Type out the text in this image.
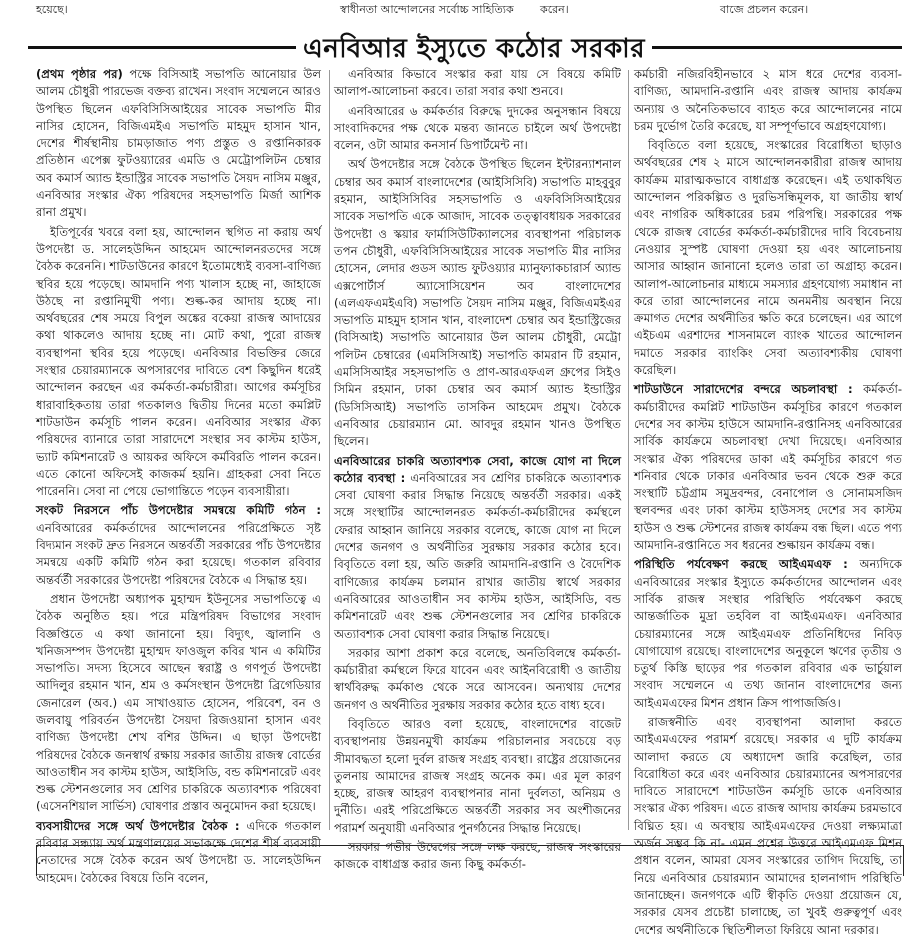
হয়েছে।	স্বাধীনতা আন্দোলনের সর্বোচ্চ সাহিত্যিক করেন।	বাজে প্রচলন করেন।
এনবিআর ইস্যুতে কঠোর সরকার

(প্রথম পৃষ্ঠার পর) পক্ষে বিসিআই সভাপতি আনোয়ার উল আলম চৌধুরী পারভেজ বক্তব্য রাখেন। সংবাদ সম্মেলনে আরও উপস্থিত ছিলেন এফবিসিসিআইয়ের সাবেক সভাপতি মীর নাসির হোসেন, বিজিএমইএ সভাপতি মাহমুদ হাসান খান, দেশের শীর্ষস্থানীয় চামড়াজাত পণ্য প্রস্তুত ও রপ্তানিকারক প্রতিষ্ঠান এপেক্স ফুটওয়্যারের এমডি ও মেট্রোপলিটন চেম্বার অব কমার্স অ্যান্ড ইন্ডাস্ট্রির সাবেক সভাপতি সৈয়দ নাসিম মঞ্জুর, এনবিআর সংস্কার ঐক্য পরিষদের সহসভাপতি মির্জা আশিক রানা প্রমুখ।

ইতিপূর্বের খবরে বলা হয়, আন্দোলন স্থগিত না করায় অর্থ উপদেষ্টা ড. সালেহউদ্দিন আহমেদ আন্দোলনরতদের সঙ্গে বৈঠক করেননি। শাটডাউনের কারণে ইতোমধ্যেই ব্যবসা-বাণিজ্য স্থবির হয়ে পড়েছে। আমদানি পণ্য খালাস হচ্ছে না, জাহাজে উঠছে না রপ্তানিমুখী পণ্য। শুল্ক-কর আদায় হচ্ছে না। অর্থবছরের শেষ সময়ে বিপুল অঙ্কের বকেয়া রাজস্ব আদায়ের কথা থাকলেও আদায় হচ্ছে না। মোট কথা, পুরো রাজস্ব ব্যবস্থাপনা স্থবির হয়ে পড়েছে। এনবিআর বিভক্তির জেরে সংস্থার চেয়ারম্যানকে অপসারণের দাবিতে বেশ কিছুদিন ধরেই আন্দোলন করছেন এর কর্মকর্তা-কর্মচারীরা। আগের কর্মসূচির ধারাবাহিকতায় তারা গতকালও দ্বিতীয় দিনের মতো কমপ্লিট শাটডাউন কর্মসূচি পালন করেন। এনবিআর সংস্কার ঐক্য পরিষদের ব্যানারে তারা সারাদেশে সংস্থার সব কাস্টম হাউস, ভ্যাট কমিশনারেট ও আয়কর অফিসে কর্মবিরতি পালন করেন। এতে কোনো অফিসেই কাজকর্ম হয়নি। গ্রাহকরা সেবা নিতে পারেননি। সেবা না পেয়ে ভোগান্তিতে পড়েন ব্যবসায়ীরা।

সংকট নিরসনে পাঁচ উপদেষ্টার সমন্বয়ে কমিটি গঠন : এনবিআরের কর্মকর্তাদের আন্দোলনের পরিপ্রেক্ষিতে সৃষ্ট বিদ্যমান সংকট দ্রুত নিরসনে অন্তর্বর্তী সরকারের পাঁচ উপদেষ্টার সমন্বয়ে একটি কমিটি গঠন করা হয়েছে। গতকাল রবিবার অন্তর্বর্তী সরকারের উপদেষ্টা পরিষদের বৈঠকে এ সিদ্ধান্ত হয়।

প্রধান উপদেষ্টা অধ্যাপক মুহাম্মদ ইউনূসের সভাপতিত্বে এ বৈঠক অনুষ্ঠিত হয়। পরে মন্ত্রিপরিষদ বিভাগের সংবাদ বিজ্ঞপ্তিতে এ কথা জানানো হয়। বিদ্যুৎ, জ্বালানি ও খনিজসম্পদ উপদেষ্টা মুহাম্মদ ফাওজুল কবির খান এ কমিটির সভাপতি। সদস্য হিসেবে আছেন স্বরাষ্ট্র ও গণপূর্ত উপদেষ্টা আদিলুর রহমান খান, শ্রম ও কর্মসংস্থান উপদেষ্টা ব্রিগেডিয়ার জেনারেল (অব.) এম সাখাওয়াত হোসেন, পরিবেশ, বন ও জলবায়ু পরিবর্তন উপদেষ্টা সৈয়দা রিজওয়ানা হাসান এবং বাণিজ্য উপদেষ্টা শেখ বশির উদ্দিন। এ ছাড়া উপদেষ্টা পরিষদের বৈঠকে জনস্বার্থ রক্ষায় সরকার জাতীয় রাজস্ব বোর্ডের আওতাধীন সব কাস্টম হাউস, আইসিডি, বন্ড কমিশনারেট এবং শুল্ক স্টেশনগুলোর সব শ্রেণির চাকরিকে অত্যাবশ্যক পরিষেবা (এসেনশিয়াল সার্ভিস) ঘোষণার প্রস্তাব অনুমোদন করা হয়েছে।

ব্যবসায়ীদের সঙ্গে অর্থ উপদেষ্টার বৈঠক : এদিকে গতকাল রবিবার সন্ধ্যায় অর্থ মন্ত্রণালয়ের সভাকক্ষে দেশের শীর্ষ ব্যবসায়ী নেতাদের সঙ্গে বৈঠক করেন অর্থ উপদেষ্টা ড. সালেহউদ্দিন আহমেদ। বৈঠকের বিষয়ে তিনি বলেন,

এনবিআর কিভাবে সংস্কার করা যায় সে বিষয়ে কমিটি আলাপ-আলোচনা করবে। তারা সবার কথা শুনবে।

এনবিআরের ৬ কর্মকর্তার বিরুদ্ধে দুদকের অনুসন্ধান বিষয়ে সাংবাদিকদের পক্ষ থেকে মন্তব্য জানতে চাইলে অর্থ উপদেষ্টা বলেন, ওটা আমার কনসার্ন ডিপার্টমেন্ট না।

অর্থ উপদেষ্টার সঙ্গে বৈঠকে উপস্থিত ছিলেন ইন্টারন্যাশনাল চেম্বার অব কমার্স বাংলাদেশের (আইসিসিবি) সভাপতি মাহবুবুর রহমান, আইসিসিবির সহসভাপতি ও এফবিসিসিআইয়ের সাবেক সভাপতি একে আজাদ, সাবেক তত্ত্বাবধায়ক সরকারের উপদেষ্টা ও স্কয়ার ফার্মাসিউটিক্যালসের ব্যবস্থাপনা পরিচালক তপন চৌধুরী, এফবিসিসিআইয়ের সাবেক সভাপতি মীর নাসির হোসেন, লেদার গুডস অ্যান্ড ফুটওয়্যার ম্যানুফ্যাকচারার্স অ্যান্ড এক্সপোর্টার্স অ্যাসোসিয়েশন অব বাংলাদেশের (এলএফএমইএবি) সভাপতি সৈয়দ নাসিম মঞ্জুর, বিজিএমইএর সভাপতি মাহমুদ হাসান খান, বাংলাদেশ চেম্বার অব ইন্ডাস্ট্রিজের (বিসিআই) সভাপতি আনোয়ার উল আলম চৌধুরী, মেট্রো পলিটন চেম্বারের (এমসিসিআই) সভাপতি কামরান টি রহমান, এমসিসিআইর সহসভাপতি ও প্রাণ-আরএফএল গ্রুপের সিইও সিমিন রহমান, ঢাকা চেম্বার অব কমার্স অ্যান্ড ইন্ডাস্ট্রির (ডিসিসিআই) সভাপতি তাসকিন আহমেদ প্রমুখ। বৈঠকে এনবিআর চেয়ারম্যান মো. আবদুর রহমান খানও উপস্থিত ছিলেন।

এনবিআরের চাকরি অত্যাবশ্যক সেবা, কাজে যোগ না দিলে কঠোর ব্যবস্থা : এনবিআরের সব শ্রেণির চাকরিকে অত্যাবশ্যক সেবা ঘোষণা করার সিদ্ধান্ত নিয়েছে অন্তর্বর্তী সরকার। একই সঙ্গে সংস্থাটির আন্দোলনরত কর্মকর্তা-কর্মচারীদের কর্মস্থলে ফেরার আহ্বান জানিয়ে সরকার বলেছে, কাজে যোগ না দিলে দেশের জনগণ ও অর্থনীতির সুরক্ষায় সরকার কঠোর হবে। বিবৃতিতে বলা হয়, অতি জরুরি আমদানি-রপ্তানি ও বৈদেশিক বাণিজ্যের কার্যক্রম চলমান রাখার জাতীয় স্বার্থে সরকার এনবিআরের আওতাধীন সব কাস্টম হাউস, আইসিডি, বন্ড কমিশনারেট এবং শুল্ক স্টেশনগুলোর সব শ্রেণির চাকরিকে অত্যাবশ্যক সেবা ঘোষণা করার সিদ্ধান্ত নিয়েছে।

সরকার আশা প্রকাশ করে বলেছে, অনতিবিলম্বে কর্মকর্তা-কর্মচারীরা কর্মস্থলে ফিরে যাবেন এবং আইনবিরোধী ও জাতীয় স্বার্থবিরুদ্ধ কর্মকাণ্ড থেকে সরে আসবেন। অন্যথায় দেশের জনগণ ও অর্থনীতির সুরক্ষায় সরকার কঠোর হতে বাধ্য হবে।

বিবৃতিতে আরও বলা হয়েছে, বাংলাদেশের বাজেট ব্যবস্থাপনায় উন্নয়নমুখী কার্যক্রম পরিচালনার সবচেয়ে বড় সীমাবদ্ধতা হলো দুর্বল রাজস্ব সংগ্রহ ব্যবস্থা। রাষ্ট্রের প্রয়োজনের তুলনায় আমাদের রাজস্ব সংগ্রহ অনেক কম। এর মূল কারণ হচ্ছে, রাজস্ব আহরণ ব্যবস্থাপনার নানা দুর্বলতা, অনিয়ম ও দুর্নীতি। এরই পরিপ্রেক্ষিতে অন্তর্বর্তী সরকার সব অংশীজনের পরামর্শ অনুযায়ী এনবিআর পুনর্গঠনের সিদ্ধান্ত নিয়েছে।

সরকার গভীর উদ্বেগের সঙ্গে লক্ষ করছে, রাজস্ব সংস্কারের কাজকে বাধাগ্রস্ত করার জন্য কিছু কর্মকর্তা-

কর্মচারী নজিরবিহীনভাবে ২ মাস ধরে দেশের ব্যবসা-বাণিজ্য, আমদানি-রপ্তানি এবং রাজস্ব আদায় কার্যক্রম অন্যায় ও অনৈতিকভাবে ব্যাহত করে আন্দোলনের নামে চরম দুর্ভোগ তৈরি করেছে, যা সম্পূর্ণভাবে অগ্রহণযোগ্য।

বিবৃতিতে বলা হয়েছে, সংস্কারের বিরোধিতা ছাড়াও অর্থবছরের শেষ ২ মাসে আন্দোলনকারীরা রাজস্ব আদায় কার্যক্রম মারাত্মকভাবে বাধাগ্রস্ত করেছেন। এই তথাকথিত আন্দোলন পরিকল্পিত ও দুরভিসন্ধিমূলক, যা জাতীয় স্বার্থ এবং নাগরিক অধিকারের চরম পরিপন্থি। সরকারের পক্ষ থেকে রাজস্ব বোর্ডের কর্মকর্তা-কর্মচারীদের দাবি বিবেচনায় নেওয়ার সুস্পষ্ট ঘোষণা দেওয়া হয় এবং আলোচনায় আসার আহ্বান জানানো হলেও তারা তা অগ্রাহ্য করেন। আলাপ-আলোচনার মাধ্যমে সমস্যার গ্রহণযোগ্য সমাধান না করে তারা আন্দোলনের নামে অনমনীয় অবস্থান নিয়ে ক্রমাগত দেশের অর্থনীতির ক্ষতি করে চলেছেন। এর আগে এইচএম এরশাদের শাসনামলে ব্যাংক খাতের আন্দোলন দমাতে সরকার ব্যাংকিং সেবা অত্যাবশ্যকীয় ঘোষণা করেছিল।

শাটডাউনে সারাদেশের বন্দরে অচলাবস্থা : কর্মকর্তা-কর্মচারীদের কমপ্লিট শাটডাউন কর্মসূচির কারণে গতকাল দেশের সব কাস্টম হাউসে আমদানি-রপ্তানিসহ এনবিআরের সার্বিক কার্যক্রমে অচলাবস্থা দেখা দিয়েছে। এনবিআর সংস্কার ঐক্য পরিষদের ডাকা এই কর্মসূচির কারণে গত শনিবার থেকে ঢাকার এনবিআর ভবন থেকে শুরু করে সংস্থাটি চট্টগ্রাম সমুদ্রবন্দর, বেনাপোল ও সোনামসজিদ স্থলবন্দর এবং ঢাকা কাস্টম হাউসসহ দেশের সব কাস্টম হাউস ও শুল্ক স্টেশনের রাজস্ব কার্যক্রম বন্ধ ছিল। এতে পণ্য আমদানি-রপ্তানিতে সব ধরনের শুল্কায়ন কার্যক্রম বন্ধ।

পরিস্থিতি পর্যবেক্ষণ করছে আইএমএফ : অন্যদিকে এনবিআরের সংস্কার ইস্যুতে কর্মকর্তাদের আন্দোলন এবং সার্বিক রাজস্ব সংস্থার পরিস্থিতি পর্যবেক্ষণ করছে আন্তর্জাতিক মুদ্রা তহবিল বা আইএমএফ। এনবিআর চেয়ারম্যানের সঙ্গে আইএমএফ প্রতিনিধিদের নিবিড় যোগাযোগ রয়েছে। বাংলাদেশের অনুকূলে ঋণের তৃতীয় ও চতুর্থ কিস্তি ছাড়ের পর গতকাল রবিবার এক ভার্চুয়াল সংবাদ সম্মেলনে এ তথ্য জানান বাংলাদেশের জন্য আইএমএফের মিশন প্রধান ক্রিস পাপাজর্জিও।

রাজস্বনীতি এবং ব্যবস্থাপনা আলাদা করতে আইএমএফের পরামর্শ রয়েছে। সরকার এ দুটি কার্যক্রম আলাদা করতে যে অধ্যাদেশ জারি করেছিল, তার বিরোধিতা করে এবং এনবিআর চেয়ারম্যানের অপসারণের দাবিতে সারাদেশে শাটডাউন কর্মসূচি ডাকে এনবিআর সংস্কার ঐক্য পরিষদ। এতে রাজস্ব আদায় কার্যক্রম চরমভাবে বিঘ্নিত হয়। এ অবস্থায় আইএমএফের দেওয়া লক্ষ্যমাত্রা অর্জন সম্ভব কি না- এমন প্রশ্নের উত্তরে আইএমএফ মিশন প্রধান বলেন, আমরা যেসব সংস্কারের তাগিদ দিয়েছি, তা নিয়ে এনবিআর চেয়ারম্যান আমাদের হালনাগাদ পরিস্থিতি জানাচ্ছেন। জনগণকে এটি স্বীকৃতি দেওয়া প্রয়োজন যে, সরকার যেসব প্রচেষ্টা চালাচ্ছে, তা খুবই গুরুত্বপূর্ণ এবং দেশের অর্থনীতিকে স্থিতিশীলতা ফিরিয়ে আনা দরকার।
